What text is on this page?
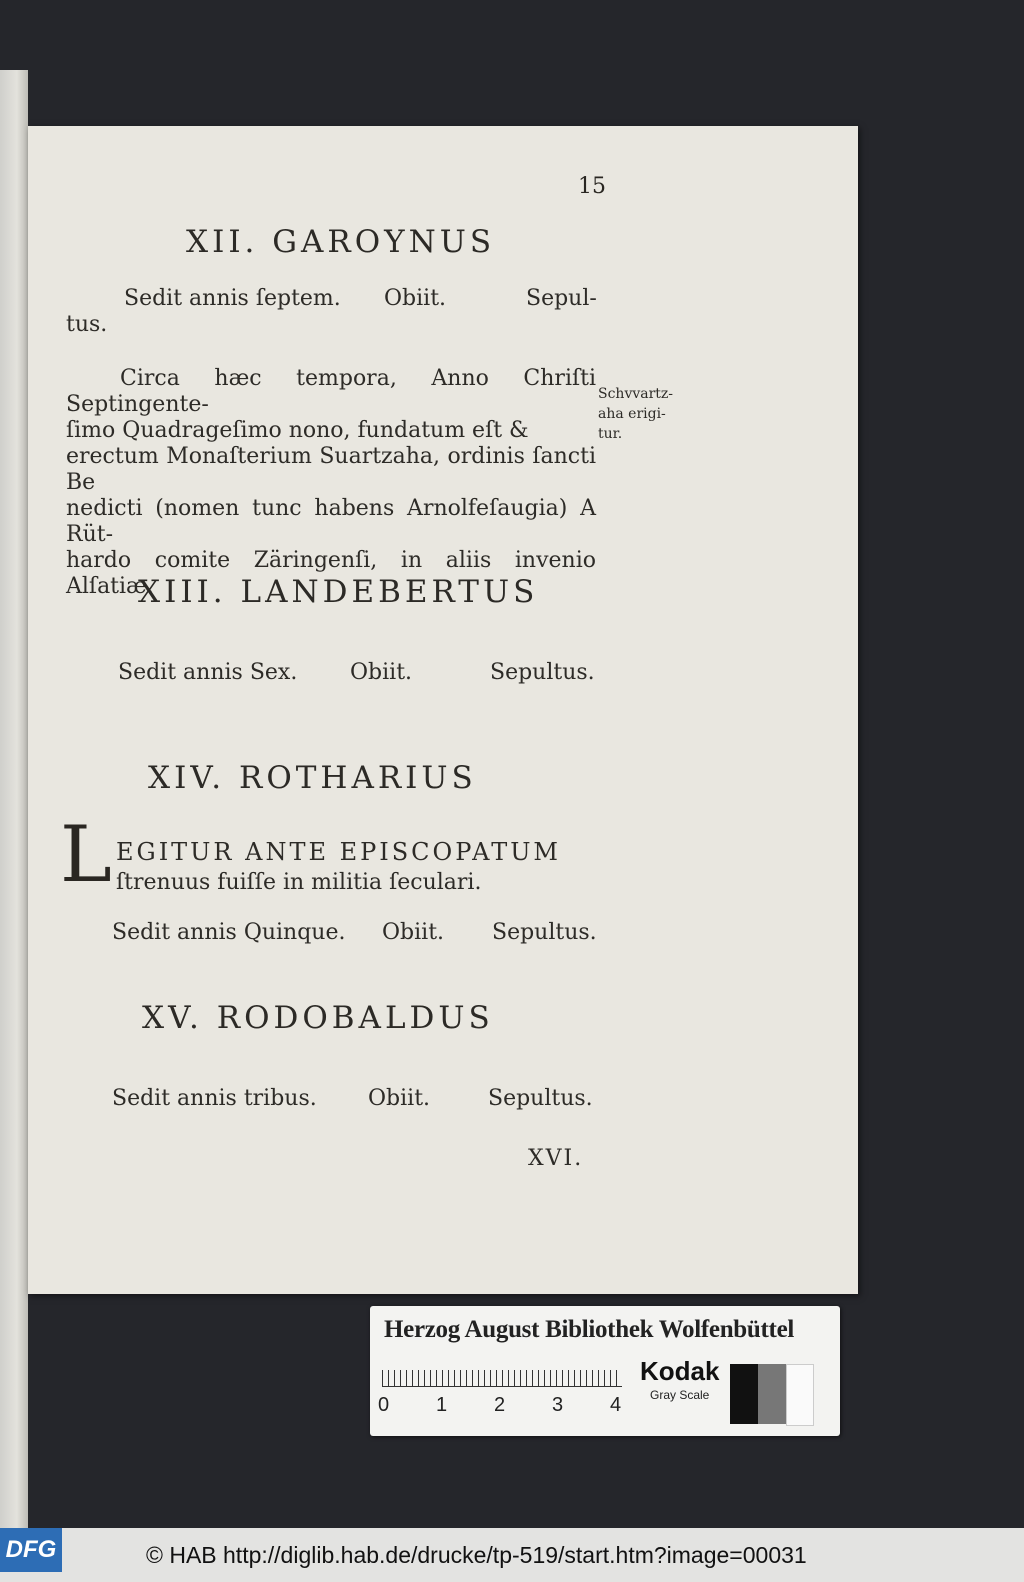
15
XII. GAROYNUS
Sedit annis ſeptem. Obiit.	Sepul-
tus.

Circa hæc tempora, Anno Chriſti Septingente-

ſimo Quadrageſimo nono, fundatum eſt &

erectum Monaſterium Suartzaha, ordinis ſancti Be

nedicti (nomen tunc habens Arnolfeſaugia) A Rüt-

hardo comite Zäringenſi, in aliis invenio Alſatiæ.

Schvvartz-
aha erigi-
tur.
XIII. LANDEBERTUS
Sedit annis Sex. Obiit.	Sepultus.
XIV. ROTHARIUS
L EGITUR ANTE EPISCOPATUM
ſtrenuus fuiſſe in militia ſeculari.
Sedit annis Quinque. Obiit. Sepultus.
XV. RODOBALDUS
Sedit annis tribus. Obiit.	Sepultus.
XVI.
Herzog August Bibliothek Wolfenbüttel
0 1 2 3 4
Kodak
Gray Scale
DFG	© HAB http://diglib.hab.de/drucke/tp-519/start.htm?image=00031
